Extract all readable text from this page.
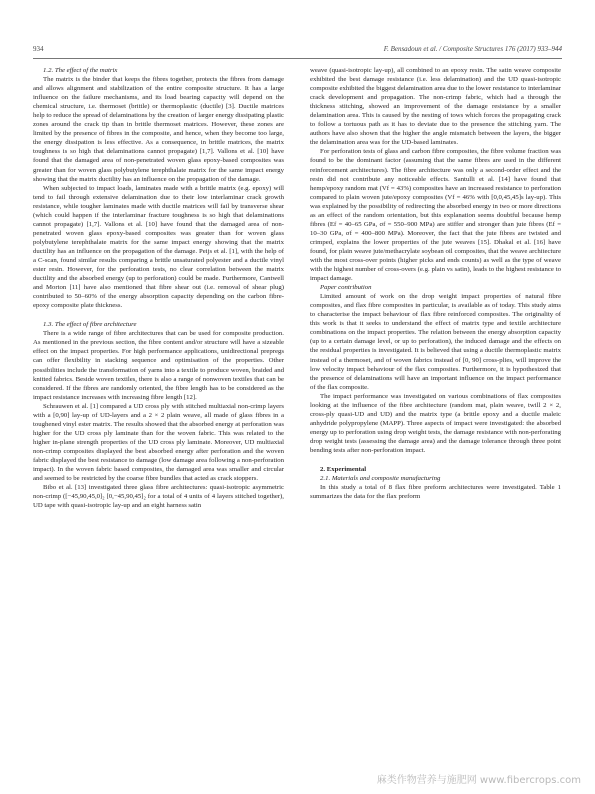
934	F. Bensadoun et al. / Composite Structures 176 (2017) 933–944

1.2. The effect of the matrix

The matrix is the binder that keeps the fibres together, protects the fibres from damage and allows alignment and stabilization of the entire composite structure. It has a large influence on the failure mechanisms, and its load bearing capacity will depend on the chemical structure, i.e. thermoset (brittle) or thermoplastic (ductile) [3]. Ductile matrices help to reduce the spread of delaminations by the creation of larger energy dissipating plastic zones around the crack tip than in brittle thermoset matrices. However, these zones are limited by the presence of fibres in the composite, and hence, when they become too large, the energy dissipation is less effective. As a consequence, in brittle matrices, the matrix toughness is so high that delaminations cannot propagate) [1,7]. Vallons et al. [10] have found that the damaged area of non-penetrated woven glass epoxy-based composites was greater than for woven glass polybutylene terephthalate matrix for the same impact energy showing that the matrix ductility has an influence on the propagation of the damage.

When subjected to impact loads, laminates made with a brittle matrix (e.g. epoxy) will tend to fail through extensive delamination due to their low interlaminar crack growth resistance, while tougher laminates made with ductile matrices will fail by transverse shear (which could happen if the interlaminar fracture toughness is so high that delaminations cannot propagate) [1,7]. Vallons et al. [10] have found that the damaged area of non-penetrated woven glass epoxy-based composites was greater than for woven glass polybutylene terephthalate matrix for the same impact energy showing that the matrix ductility has an influence on the propagation of the damage. Peijs et al. [1], with the help of a C-scan, found similar results comparing a brittle unsaturated polyester and a ductile vinyl ester resin. However, for the perforation tests, no clear correlation between the matrix ductility and the absorbed energy (up to perforation) could be made. Furthermore, Cantwell and Morton [11] have also mentioned that fibre shear out (i.e. removal of shear plug) contributed to 50–60% of the energy absorption capacity depending on the carbon fibre-epoxy composite plate thickness.

1.3. The effect of fibre architecture

There is a wide range of fibre architectures that can be used for composite production. As mentioned in the previous section, the fibre content and/or structure will have a sizeable effect on the impact properties. For high performance applications, unidirectional prepregs can offer flexibility in stacking sequence and optimisation of the properties. Other possibilities include the transformation of yarns into a textile to produce woven, braided and knitted fabrics. Beside woven textiles, there is also a range of nonwoven textiles that can be considered. If the fibres are randomly oriented, the fibre length has to be considered as the impact resistance increases with increasing fibre length [12].

Schrauwen et al. [1] compared a UD cross ply with stitched multiaxial non-crimp layers with a [0,90] lay-up of UD-layers and a 2 × 2 plain weave, all made of glass fibres in a toughened vinyl ester matrix. The results showed that the absorbed energy at perforation was higher for the UD cross ply laminate than for the woven fabric. This was related to the higher in-plane strength properties of the UD cross ply laminate. Moreover, UD multiaxial non-crimp composites displayed the best absorbed energy after perforation and the woven fabric displayed the best resistance to damage (low damage area following a non-perforation impact). In the woven fabric based composites, the damaged area was smaller and circular and seemed to be restricted by the coarse fibre bundles that acted as crack stoppers.

Bibo et al. [13] investigated three glass fibre architectures: quasi-isotropic asymmetric non-crimp ([−45,90,45,0]₂ [0,−45,90,45]₂ for a total of 4 units of 4 layers stitched together), UD tape with quasi-isotropic lay-up and an eight harness satin

weave (quasi-isotropic lay-up), all combined to an epoxy resin. The satin weave composite exhibited the best damage resistance (i.e. less delamination) and the UD quasi-isotropic composite exhibited the biggest delamination area due to the lower resistance to interlaminar crack development and propagation. The non-crimp fabric, which had a through the thickness stitching, showed an improvement of the damage resistance by a smaller delamination area. This is caused by the nesting of tows which forces the propagating crack to follow a tortuous path as it has to deviate due to the presence the stitching yarn. The authors have also shown that the higher the angle mismatch between the layers, the bigger the delamination area was for the UD-based laminates.

For perforation tests of glass and carbon fibre composites, the fibre volume fraction was found to be the dominant factor (assuming that the same fibres are used in the different reinforcement architectures). The fibre architecture was only a second-order effect and the resin did not contribute any noticeable effects. Santulli et al. [14] have found that hemp/epoxy random mat (Vf = 43%) composites have an increased resistance to perforation compared to plain woven jute/epoxy composites (Vf = 46% with [0,0,45,45]s lay-up). This was explained by the possibility of redirecting the absorbed energy in two or more directions as an effect of the random orientation, but this explanation seems doubtful because hemp fibres (Ef = 40–65 GPa, σf = 550–900 MPa) are stiffer and stronger than jute fibres (Ef = 10–30 GPa, σf = 400–800 MPa). Moreover, the fact that the jute fibres are twisted and crimped, explains the lower properties of the jute weaves [15]. Dhakal et al. [16] have found, for plain weave jute/methacrylate soybean oil composites, that the weave architecture with the most cross-over points (higher picks and ends counts) as well as the type of weave with the highest number of cross-overs (e.g. plain vs satin), leads to the highest resistance to impact damage.

Paper contribution

Limited amount of work on the drop weight impact properties of natural fibre composites, and flax fibre composites in particular, is available as of today. This study aims to characterise the impact behaviour of flax fibre reinforced composites. The originality of this work is that it seeks to understand the effect of matrix type and textile architecture combinations on the impact properties. The relation between the energy absorption capacity (up to a certain damage level, or up to perforation), the induced damage and the effects on the residual properties is investigated. It is believed that using a ductile thermoplastic matrix instead of a thermoset, and of woven fabrics instead of [0, 90] cross-plies, will improve the low velocity impact behaviour of the flax composites. Furthermore, it is hypothesized that the presence of delaminations will have an important influence on the impact performance of the flax composite.

The impact performance was investigated on various combinations of flax composites looking at the influence of the fibre architecture (random mat, plain weave, twill 2 × 2, cross-ply quasi-UD and UD) and the matrix type (a brittle epoxy and a ductile maleic anhydride polypropylene (MAPP). Three aspects of impact were investigated: the absorbed energy up to perforation using drop weight tests, the damage resistance with non-perforating drop weight tests (assessing the damage area) and the damage tolerance through three point bending tests after non-perforation impact.

2. Experimental

2.1. Materials and composite manufacturing

In this study a total of 8 flax fibre preform architectures were investigated. Table 1 summarizes the data for the flax preform

麻类作物营养与施肥网 www.fibercrops.com
